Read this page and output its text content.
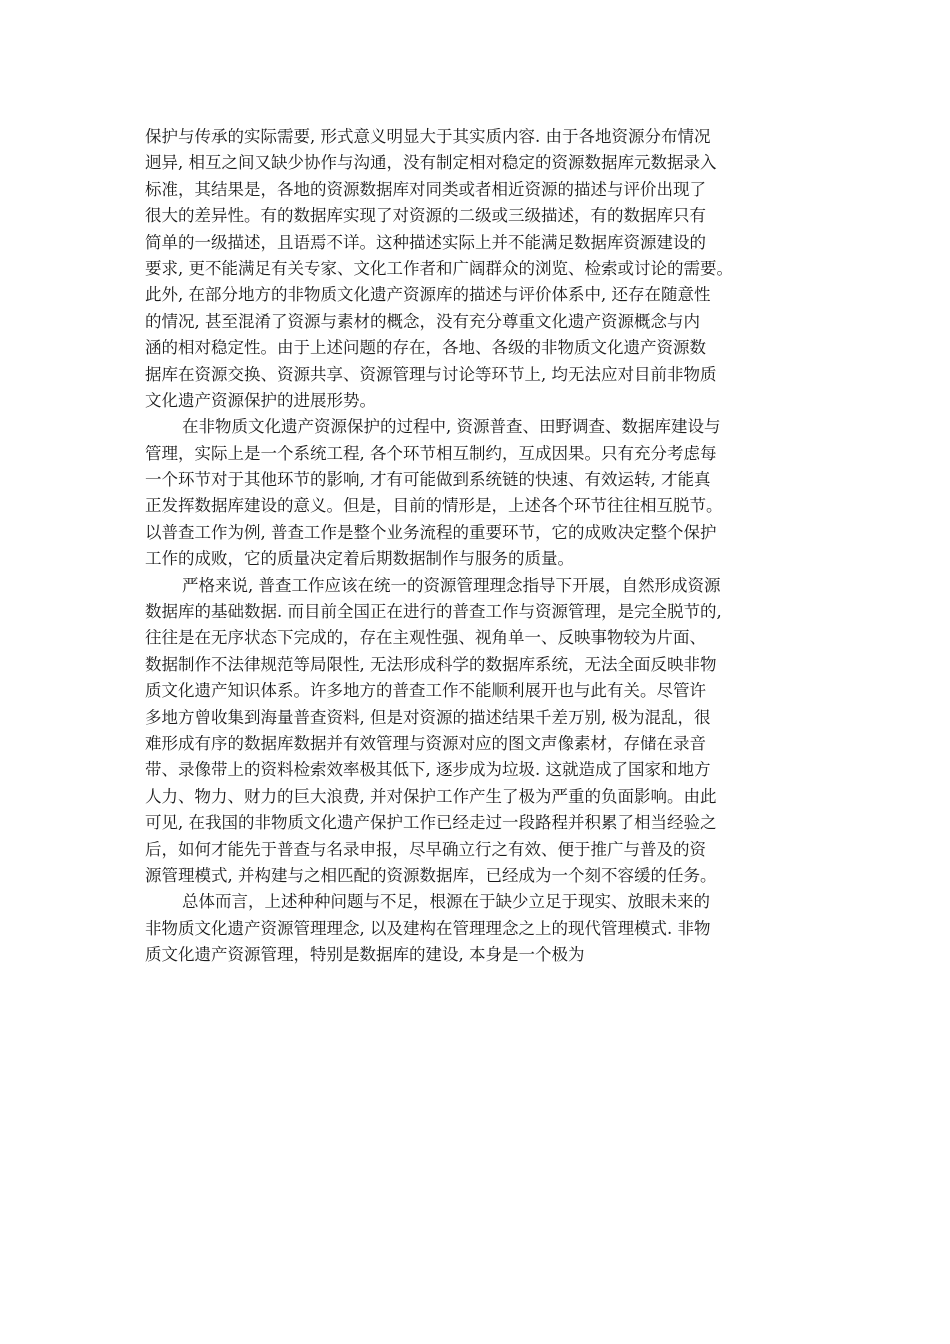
保护与传承的实际需要, 形式意义明显大于其实质内容. 由于各地资源分布情况
迥异, 相互之间又缺少协作与沟通，没有制定相对稳定的资源数据库元数据录入
标准，其结果是，各地的资源数据库对同类或者相近资源的描述与评价出现了
很大的差异性。有的数据库实现了对资源的二级或三级描述，有的数据库只有
简单的一级描述，且语焉不详。这种描述实际上并不能满足数据库资源建设的
要求, 更不能满足有关专家、文化工作者和广阔群众的浏览、检索或讨论的需要。
此外, 在部分地方的非物质文化遗产资源库的描述与评价体系中, 还存在随意性
的情况, 甚至混淆了资源与素材的概念，没有充分尊重文化遗产资源概念与内
涵的相对稳定性。由于上述问题的存在，各地、各级的非物质文化遗产资源数
据库在资源交换、资源共享、资源管理与讨论等环节上, 均无法应对目前非物质
文化遗产资源保护的进展形势。
在非物质文化遗产资源保护的过程中, 资源普查、田野调查、数据库建设与
管理，实际上是一个系统工程, 各个环节相互制约，互成因果。只有充分考虑每
一个环节对于其他环节的影响, 才有可能做到系统链的快速、有效运转, 才能真
正发挥数据库建设的意义。但是，目前的情形是，上述各个环节往往相互脱节。
以普查工作为例, 普查工作是整个业务流程的重要环节，它的成败决定整个保护
工作的成败，它的质量决定着后期数据制作与服务的质量。
严格来说, 普查工作应该在统一的资源管理理念指导下开展，自然形成资源
数据库的基础数据. 而目前全国正在进行的普查工作与资源管理，是完全脱节的,
往往是在无序状态下完成的，存在主观性强、视角单一、反映事物较为片面、
数据制作不法律规范等局限性, 无法形成科学的数据库系统，无法全面反映非物
质文化遗产知识体系。许多地方的普查工作不能顺利展开也与此有关。尽管许
多地方曾收集到海量普查资料, 但是对资源的描述结果千差万别, 极为混乱，很
难形成有序的数据库数据并有效管理与资源对应的图文声像素材，存储在录音
带、录像带上的资料检索效率极其低下, 逐步成为垃圾. 这就造成了国家和地方
人力、物力、财力的巨大浪费, 并对保护工作产生了极为严重的负面影响。由此
可见, 在我国的非物质文化遗产保护工作已经走过一段路程并积累了相当经验之
后，如何才能先于普查与名录申报，尽早确立行之有效、便于推广与普及的资
源管理模式, 并构建与之相匹配的资源数据库，已经成为一个刻不容缓的任务。
总体而言，上述种种问题与不足，根源在于缺少立足于现实、放眼未来的
非物质文化遗产资源管理理念, 以及建构在管理理念之上的现代管理模式. 非物
质文化遗产资源管理，特别是数据库的建设, 本身是一个极为
